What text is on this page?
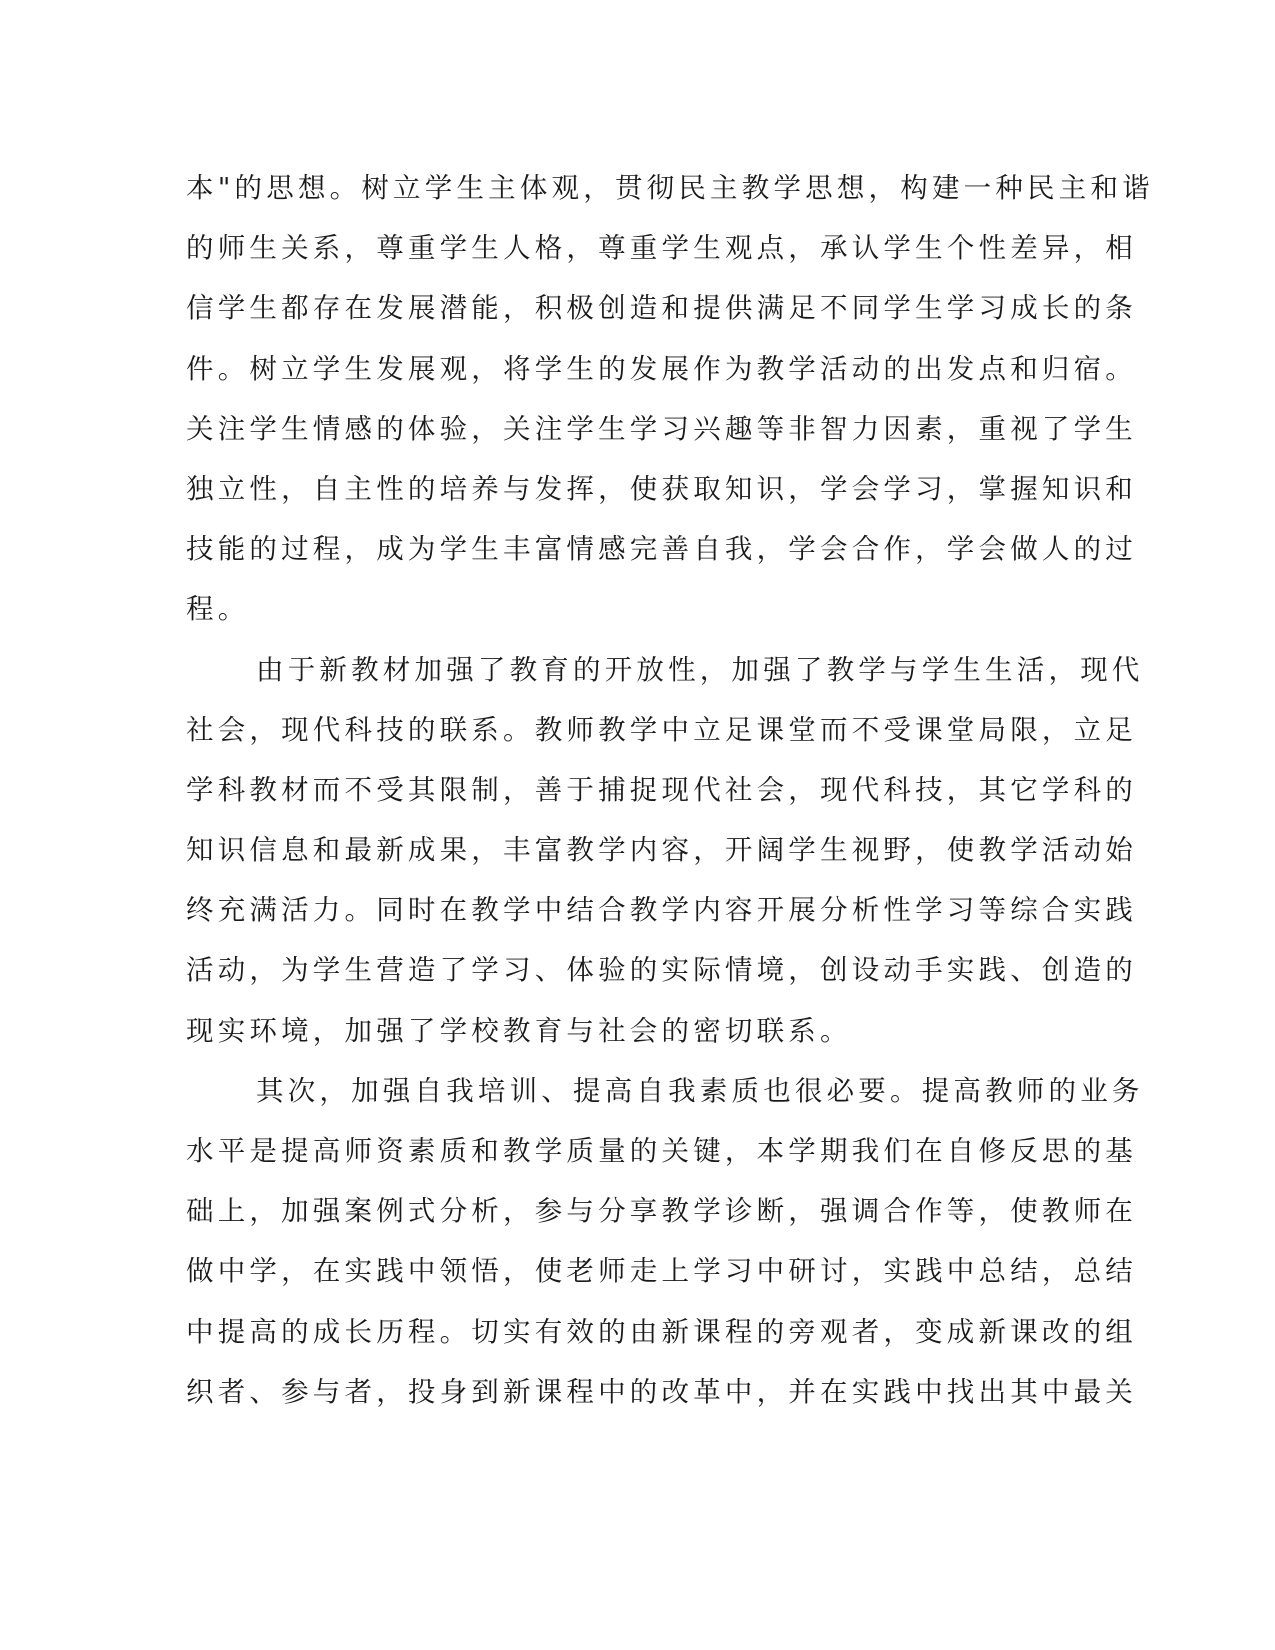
本"的思想。树立学生主体观，贯彻民主教学思想，构建一种民主和谐
的师生关系，尊重学生人格，尊重学生观点，承认学生个性差异，相
信学生都存在发展潜能，积极创造和提供满足不同学生学习成长的条
件。树立学生发展观，将学生的发展作为教学活动的出发点和归宿。
关注学生情感的体验，关注学生学习兴趣等非智力因素，重视了学生
独立性，自主性的培养与发挥，使获取知识，学会学习，掌握知识和
技能的过程，成为学生丰富情感完善自我，学会合作，学会做人的过
程。
由于新教材加强了教育的开放性，加强了教学与学生生活，现代
社会，现代科技的联系。教师教学中立足课堂而不受课堂局限，立足
学科教材而不受其限制，善于捕捉现代社会，现代科技，其它学科的
知识信息和最新成果，丰富教学内容，开阔学生视野，使教学活动始
终充满活力。同时在教学中结合教学内容开展分析性学习等综合实践
活动，为学生营造了学习、体验的实际情境，创设动手实践、创造的
现实环境，加强了学校教育与社会的密切联系。
其次，加强自我培训、提高自我素质也很必要。提高教师的业务
水平是提高师资素质和教学质量的关键，本学期我们在自修反思的基
础上，加强案例式分析，参与分享教学诊断，强调合作等，使教师在
做中学，在实践中领悟，使老师走上学习中研讨，实践中总结，总结
中提高的成长历程。切实有效的由新课程的旁观者，变成新课改的组
织者、参与者，投身到新课程中的改革中，并在实践中找出其中最关
